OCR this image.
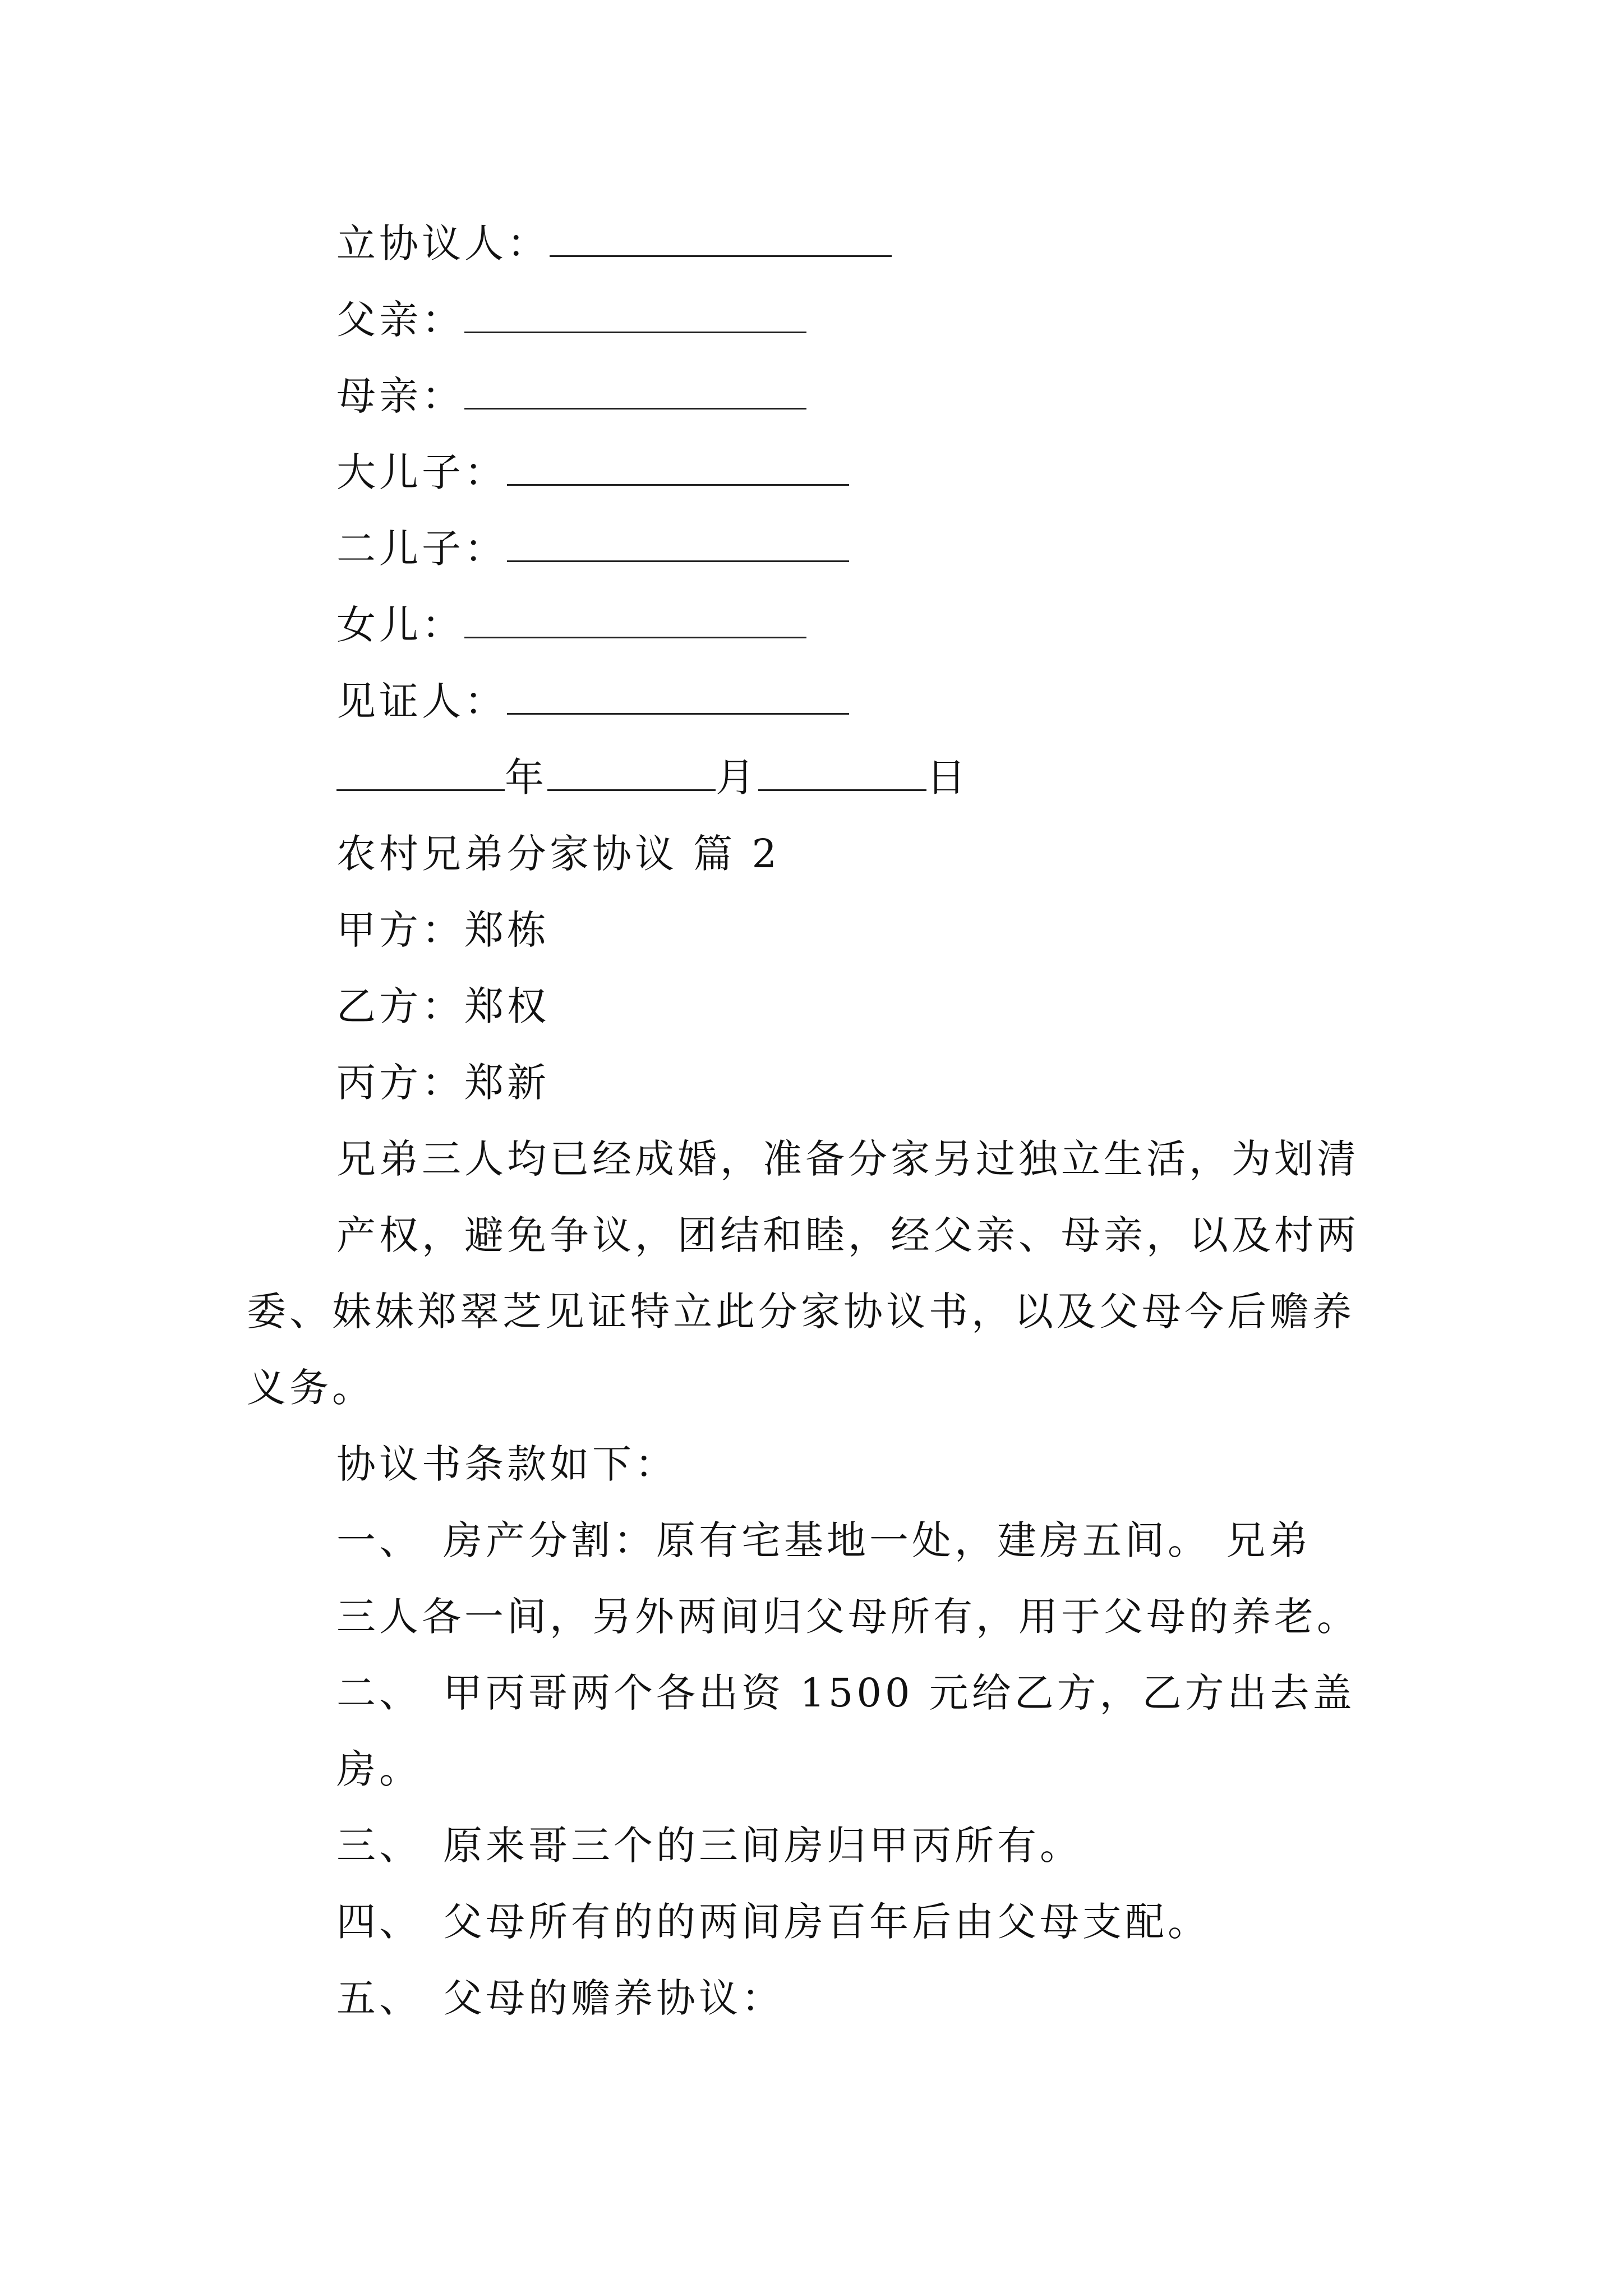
立协议人：
父亲：
母亲：
大儿子：
二儿子：
女儿：
见证人：
年	月	日
农村兄弟分家协议 篇 2
甲方：郑栋
乙方：郑权
丙方：郑新
兄弟三人均已经成婚，准备分家另过独立生活，为划清
产权，避免争议，团结和睦，经父亲、母亲，以及村两
委、妹妹郑翠芝见证特立此分家协议书，以及父母今后赡养
义务。
协议书条款如下：
一、 房产分割：原有宅基地一处，建房五间。 兄弟
三人各一间，另外两间归父母所有，用于父母的养老。
二、 甲丙哥两个各出资 1500 元给乙方，乙方出去盖
房。
三、 原来哥三个的三间房归甲丙所有。
四、 父母所有的的两间房百年后由父母支配。
五、 父母的赡养协议：
